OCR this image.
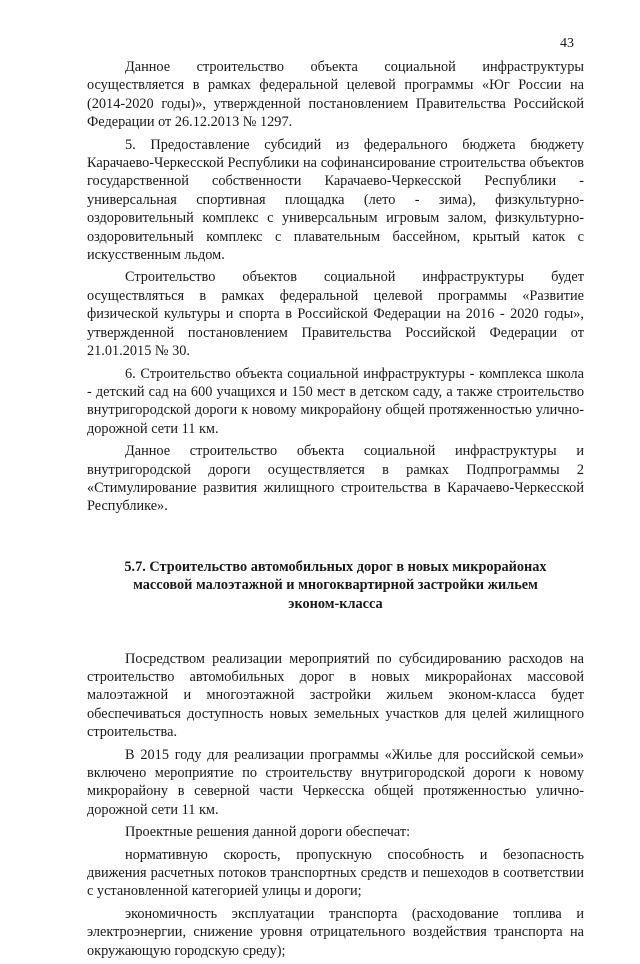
43

Данное строительство объекта социальной инфраструктуры осуществляется в рамках федеральной целевой программы «Юг России на (2014-2020 годы)», утвержденной постановлением Правительства Российской Федерации от 26.12.2013 № 1297.

5. Предоставление субсидий из федерального бюджета бюджету Карачаево-Черкесской Республики на софинансирование строительства объектов государственной собственности Карачаево-Черкесской Республики - универсальная спортивная площадка (лето - зима), физкультурно-оздоровительный комплекс с универсальным игровым залом, физкультурно-оздоровительный комплекс с плавательным бассейном, крытый каток с искусственным льдом.

Строительство объектов социальной инфраструктуры будет осуществляться в рамках федеральной целевой программы «Развитие физической культуры и спорта в Российской Федерации на 2016 - 2020 годы», утвержденной постановлением Правительства Российской Федерации от 21.01.2015 № 30.

6. Строительство объекта социальной инфраструктуры - комплекса школа - детский сад на 600 учащихся и 150 мест в детском саду, а также строительство внутригородской дороги к новому микрорайону общей протяженностью улично-дорожной сети 11 км.

Данное строительство объекта социальной инфраструктуры и внутригородской дороги осуществляется в рамках Подпрограммы 2 «Стимулирование развития жилищного строительства в Карачаево-Черкесской Республике».

5.7. Строительство автомобильных дорог в новых микрорайонах
массовой малоэтажной и многоквартирной застройки жильем
эконом-класса

Посредством реализации мероприятий по субсидированию расходов на строительство автомобильных дорог в новых микрорайонах массовой малоэтажной и многоэтажной застройки жильем эконом-класса будет обеспечиваться доступность новых земельных участков для целей жилищного строительства.

В 2015 году для реализации программы «Жилье для российской семьи» включено мероприятие по строительству внутригородской дороги к новому микрорайону в северной части Черкесска общей протяженностью улично-дорожной сети 11 км.

Проектные решения данной дороги обеспечат:

нормативную скорость, пропускную способность и безопасность движения расчетных потоков транспортных средств и пешеходов в соответствии с установленной категорией улицы и дороги;

экономичность эксплуатации транспорта (расходование топлива и электроэнергии, снижение уровня отрицательного воздействия транспорта на окружающую городскую среду);
